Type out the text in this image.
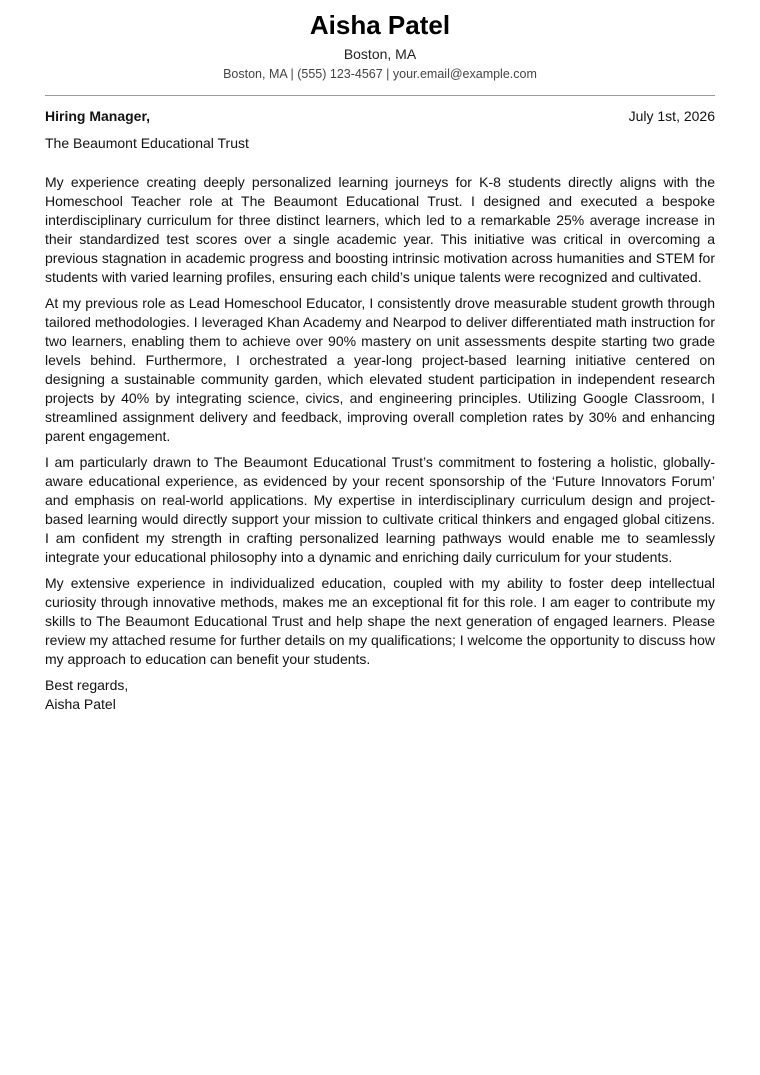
Aisha Patel
Boston, MA
Boston, MA | (555) 123-4567 | your.email@example.com
Hiring Manager,	July 1st, 2026
The Beaumont Educational Trust

My experience creating deeply personalized learning journeys for K-8 students directly aligns with the Homeschool Teacher role at The Beaumont Educational Trust. I designed and executed a bespoke interdisciplinary curriculum for three distinct learners, which led to a remarkable 25% average increase in their standardized test scores over a single academic year. This initiative was critical in overcoming a previous stagnation in academic progress and boosting intrinsic motivation across humanities and STEM for students with varied learning profiles, ensuring each child’s unique talents were recognized and cultivated.

At my previous role as Lead Homeschool Educator, I consistently drove measurable student growth through tailored methodologies. I leveraged Khan Academy and Nearpod to deliver differentiated math instruction for two learners, enabling them to achieve over 90% mastery on unit assessments despite starting two grade levels behind. Furthermore, I orchestrated a year-long project-based learning initiative centered on designing a sustainable community garden, which elevated student participation in independent research projects by 40% by integrating science, civics, and engineering principles. Utilizing Google Classroom, I streamlined assignment delivery and feedback, improving overall completion rates by 30% and enhancing parent engagement.

I am particularly drawn to The Beaumont Educational Trust’s commitment to fostering a holistic, globally-aware educational experience, as evidenced by your recent sponsorship of the ‘Future Innovators Forum’ and emphasis on real-world applications. My expertise in interdisciplinary curriculum design and project-based learning would directly support your mission to cultivate critical thinkers and engaged global citizens. I am confident my strength in crafting personalized learning pathways would enable me to seamlessly integrate your educational philosophy into a dynamic and enriching daily curriculum for your students.

My extensive experience in individualized education, coupled with my ability to foster deep intellectual curiosity through innovative methods, makes me an exceptional fit for this role. I am eager to contribute my skills to The Beaumont Educational Trust and help shape the next generation of engaged learners. Please review my attached resume for further details on my qualifications; I welcome the opportunity to discuss how my approach to education can benefit your students.

Best regards,
Aisha Patel
